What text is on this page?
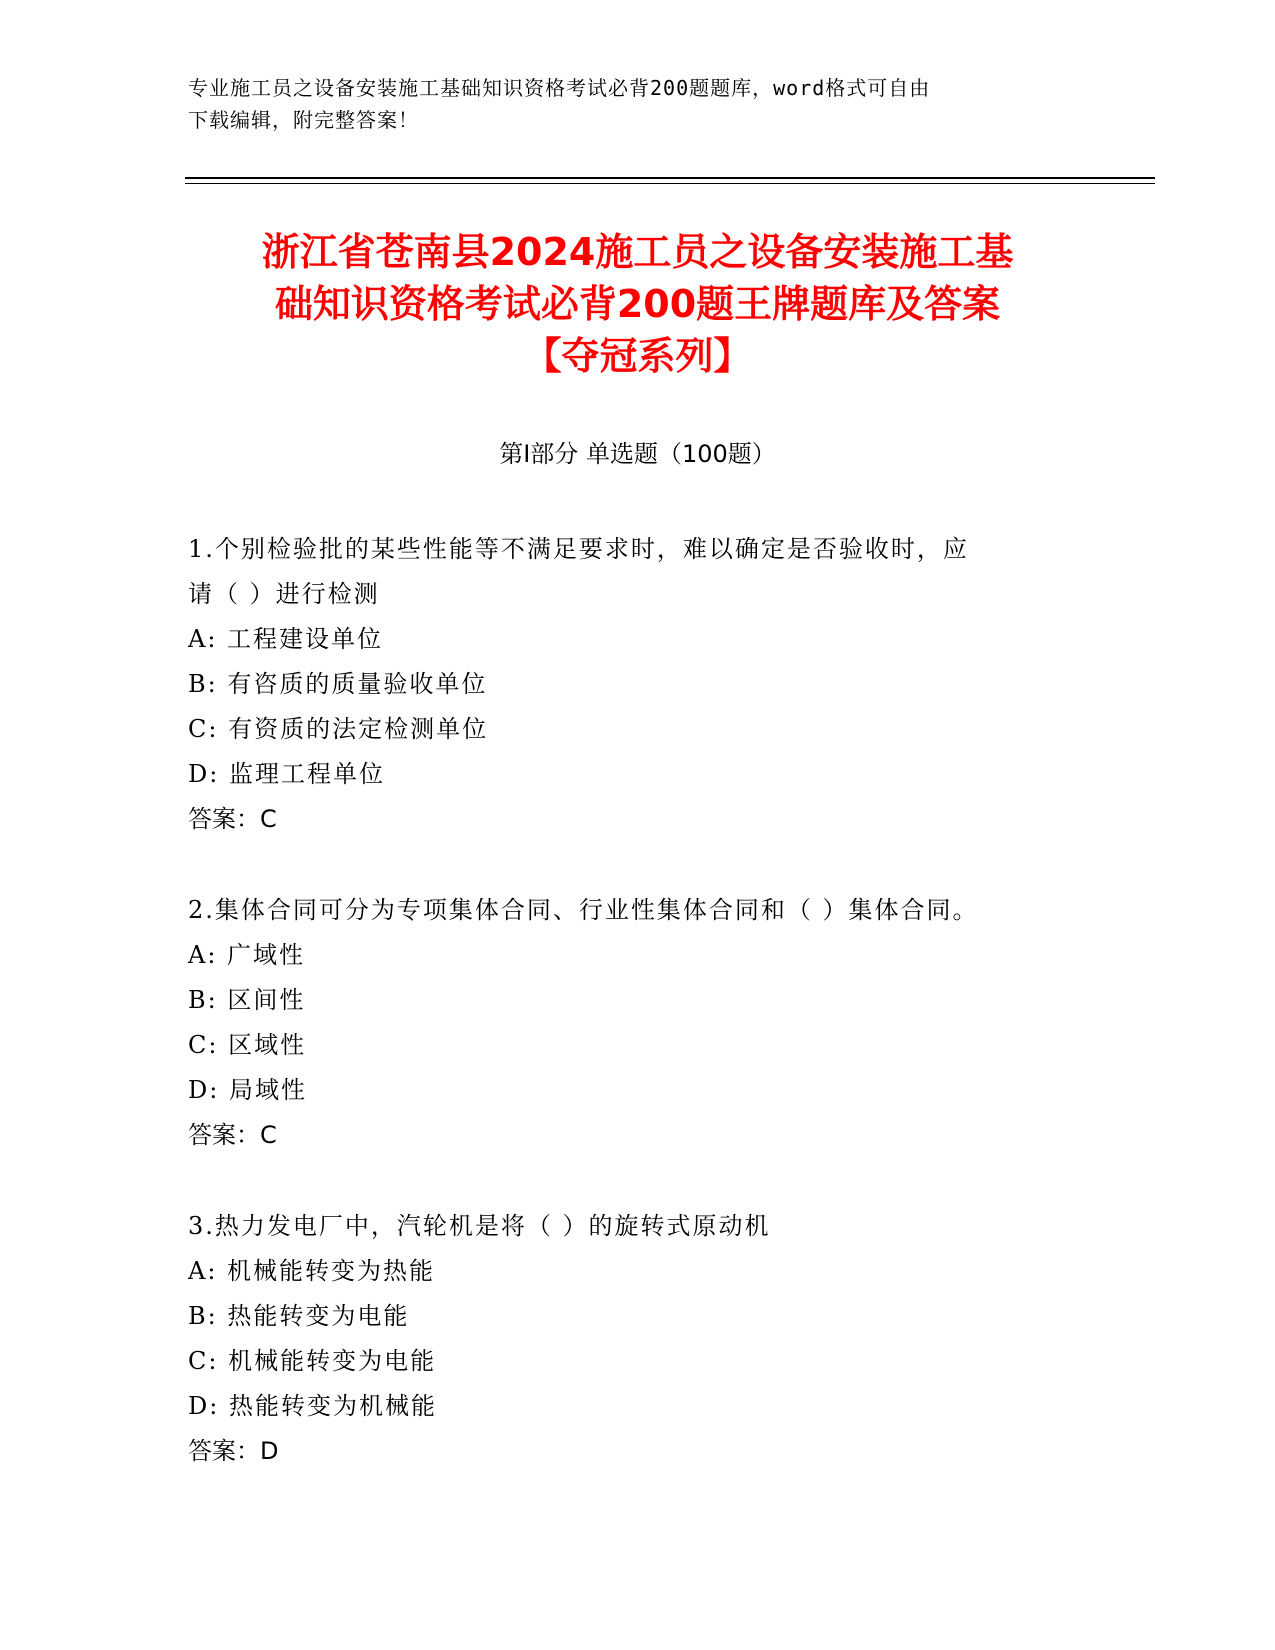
专业施工员之设备安装施工基础知识资格考试必背200题题库，word格式可自由
下载编辑，附完整答案！
浙江省苍南县2024施工员之设备安装施工基
础知识资格考试必背200题王牌题库及答案
【夺冠系列】
第Ⅰ部分 单选题（100题）
1.个别检验批的某些性能等不满足要求时，难以确定是否验收时，应
请（ ）进行检测
A: 工程建设单位
B: 有咨质的质量验收单位
C: 有资质的法定检测单位
D: 监理工程单位
答案：C
2.集体合同可分为专项集体合同、行业性集体合同和（ ）集体合同。
A: 广域性
B: 区间性
C: 区域性
D: 局域性
答案：C
3.热力发电厂中，汽轮机是将（ ）的旋转式原动机
A: 机械能转变为热能
B: 热能转变为电能
C: 机械能转变为电能
D: 热能转变为机械能
答案：D
